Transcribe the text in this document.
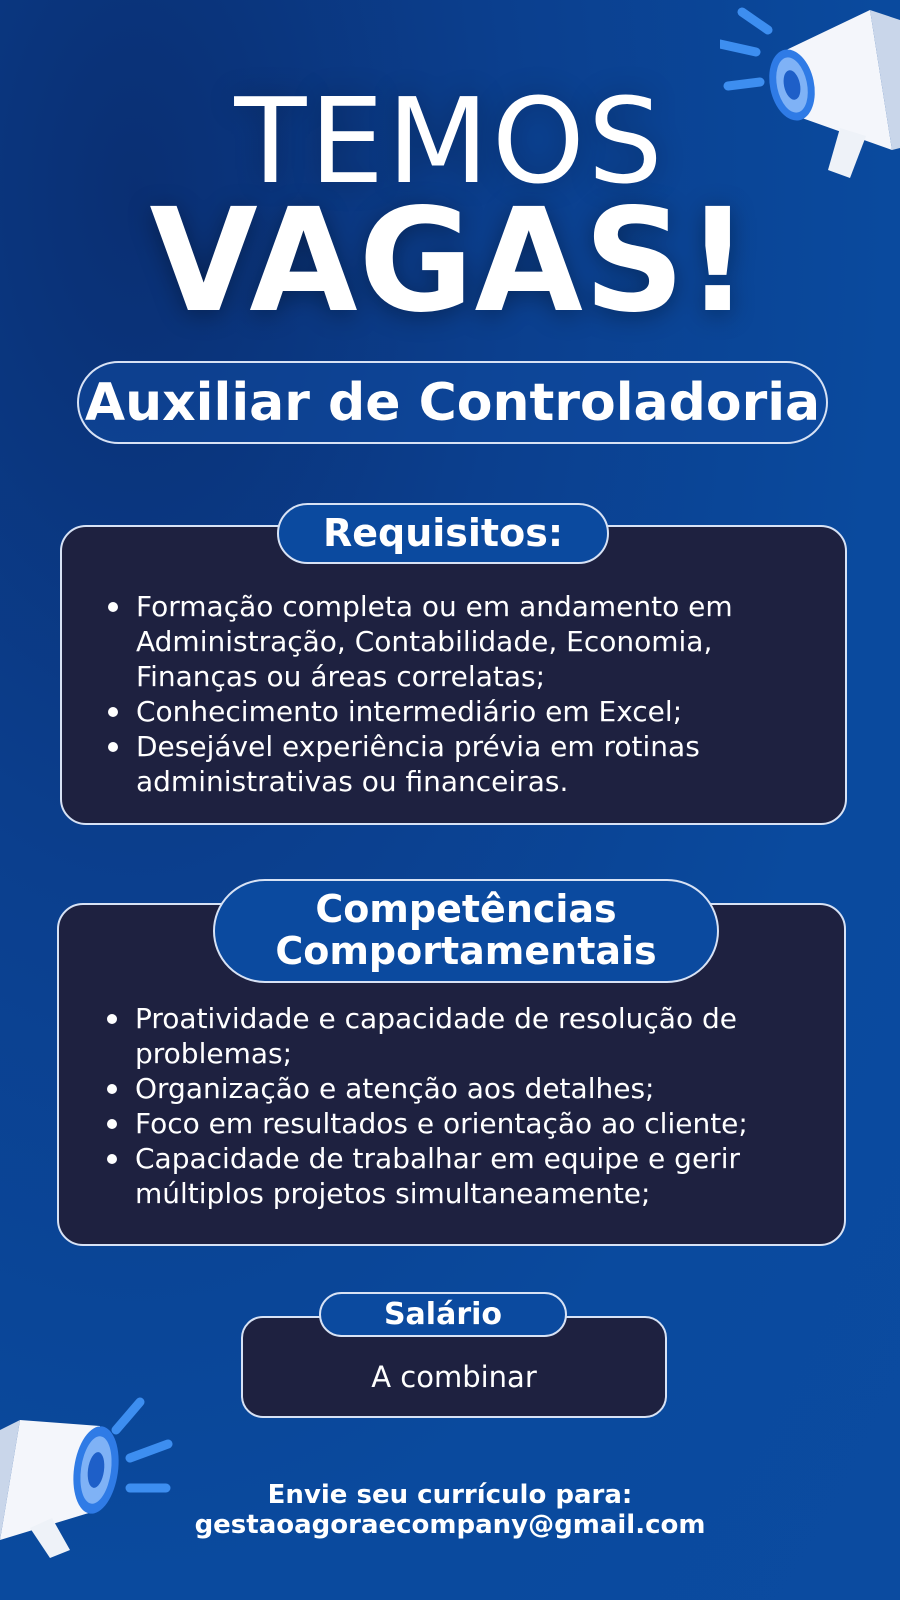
TEMOS
VAGAS!
Auxiliar de Controladoria
Formação completa ou em andamento em Administração, Contabilidade, Economia, Finanças ou áreas correlatas;
Conhecimento intermediário em Excel;
Desejável experiência prévia em rotinas administrativas ou financeiras.
Requisitos:
Proatividade e capacidade de resolução de problemas;
Organização e atenção aos detalhes;
Foco em resultados e orientação ao cliente;
Capacidade de trabalhar em equipe e gerir múltiplos projetos simultaneamente;
Competências
Comportamentais
A combinar
Salário
Envie seu currículo para:
gestaoagoraecompany@gmail.com
